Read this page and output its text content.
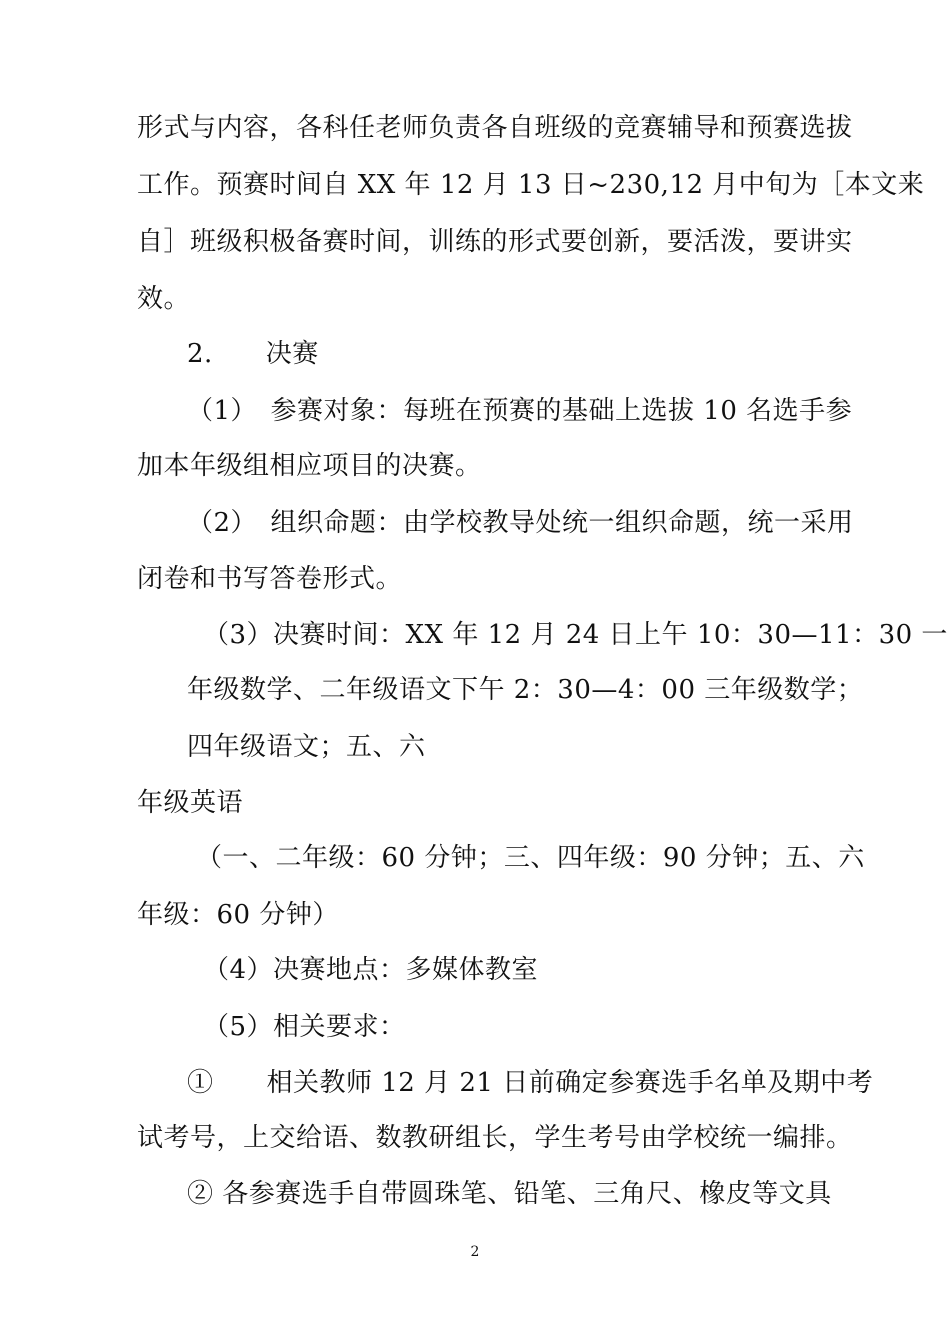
形式与内容，各科任老师负责各自班级的竞赛辅导和预赛选拔
工作。预赛时间自 XX 年 12 月 13 日~230,12 月中旬为［本文来
自］班级积极备赛时间，训练的形式要创新，要活泼，要讲实
效。
2.　　决赛
（1）　参赛对象：每班在预赛的基础上选拔 10 名选手参
加本年级组相应项目的决赛。
（2）　组织命题：由学校教导处统一组织命题，统一采用
闭卷和书写答卷形式。
（3）决赛时间：XX 年 12 月 24 日上午 10：30—11：30 一
年级数学、二年级语文下午 2：30—4：00 三年级数学；
四年级语文；五、六
年级英语
（一、二年级：60 分钟；三、四年级：90 分钟；五、六
年级：60 分钟）
（4）决赛地点：多媒体教室
（5）相关要求：
①　　相关教师 12 月 21 日前确定参赛选手名单及期中考
试考号，上交给语、数教研组长，学生考号由学校统一编排。
② 各参赛选手自带圆珠笔、铅笔、三角尺、橡皮等文具
2
